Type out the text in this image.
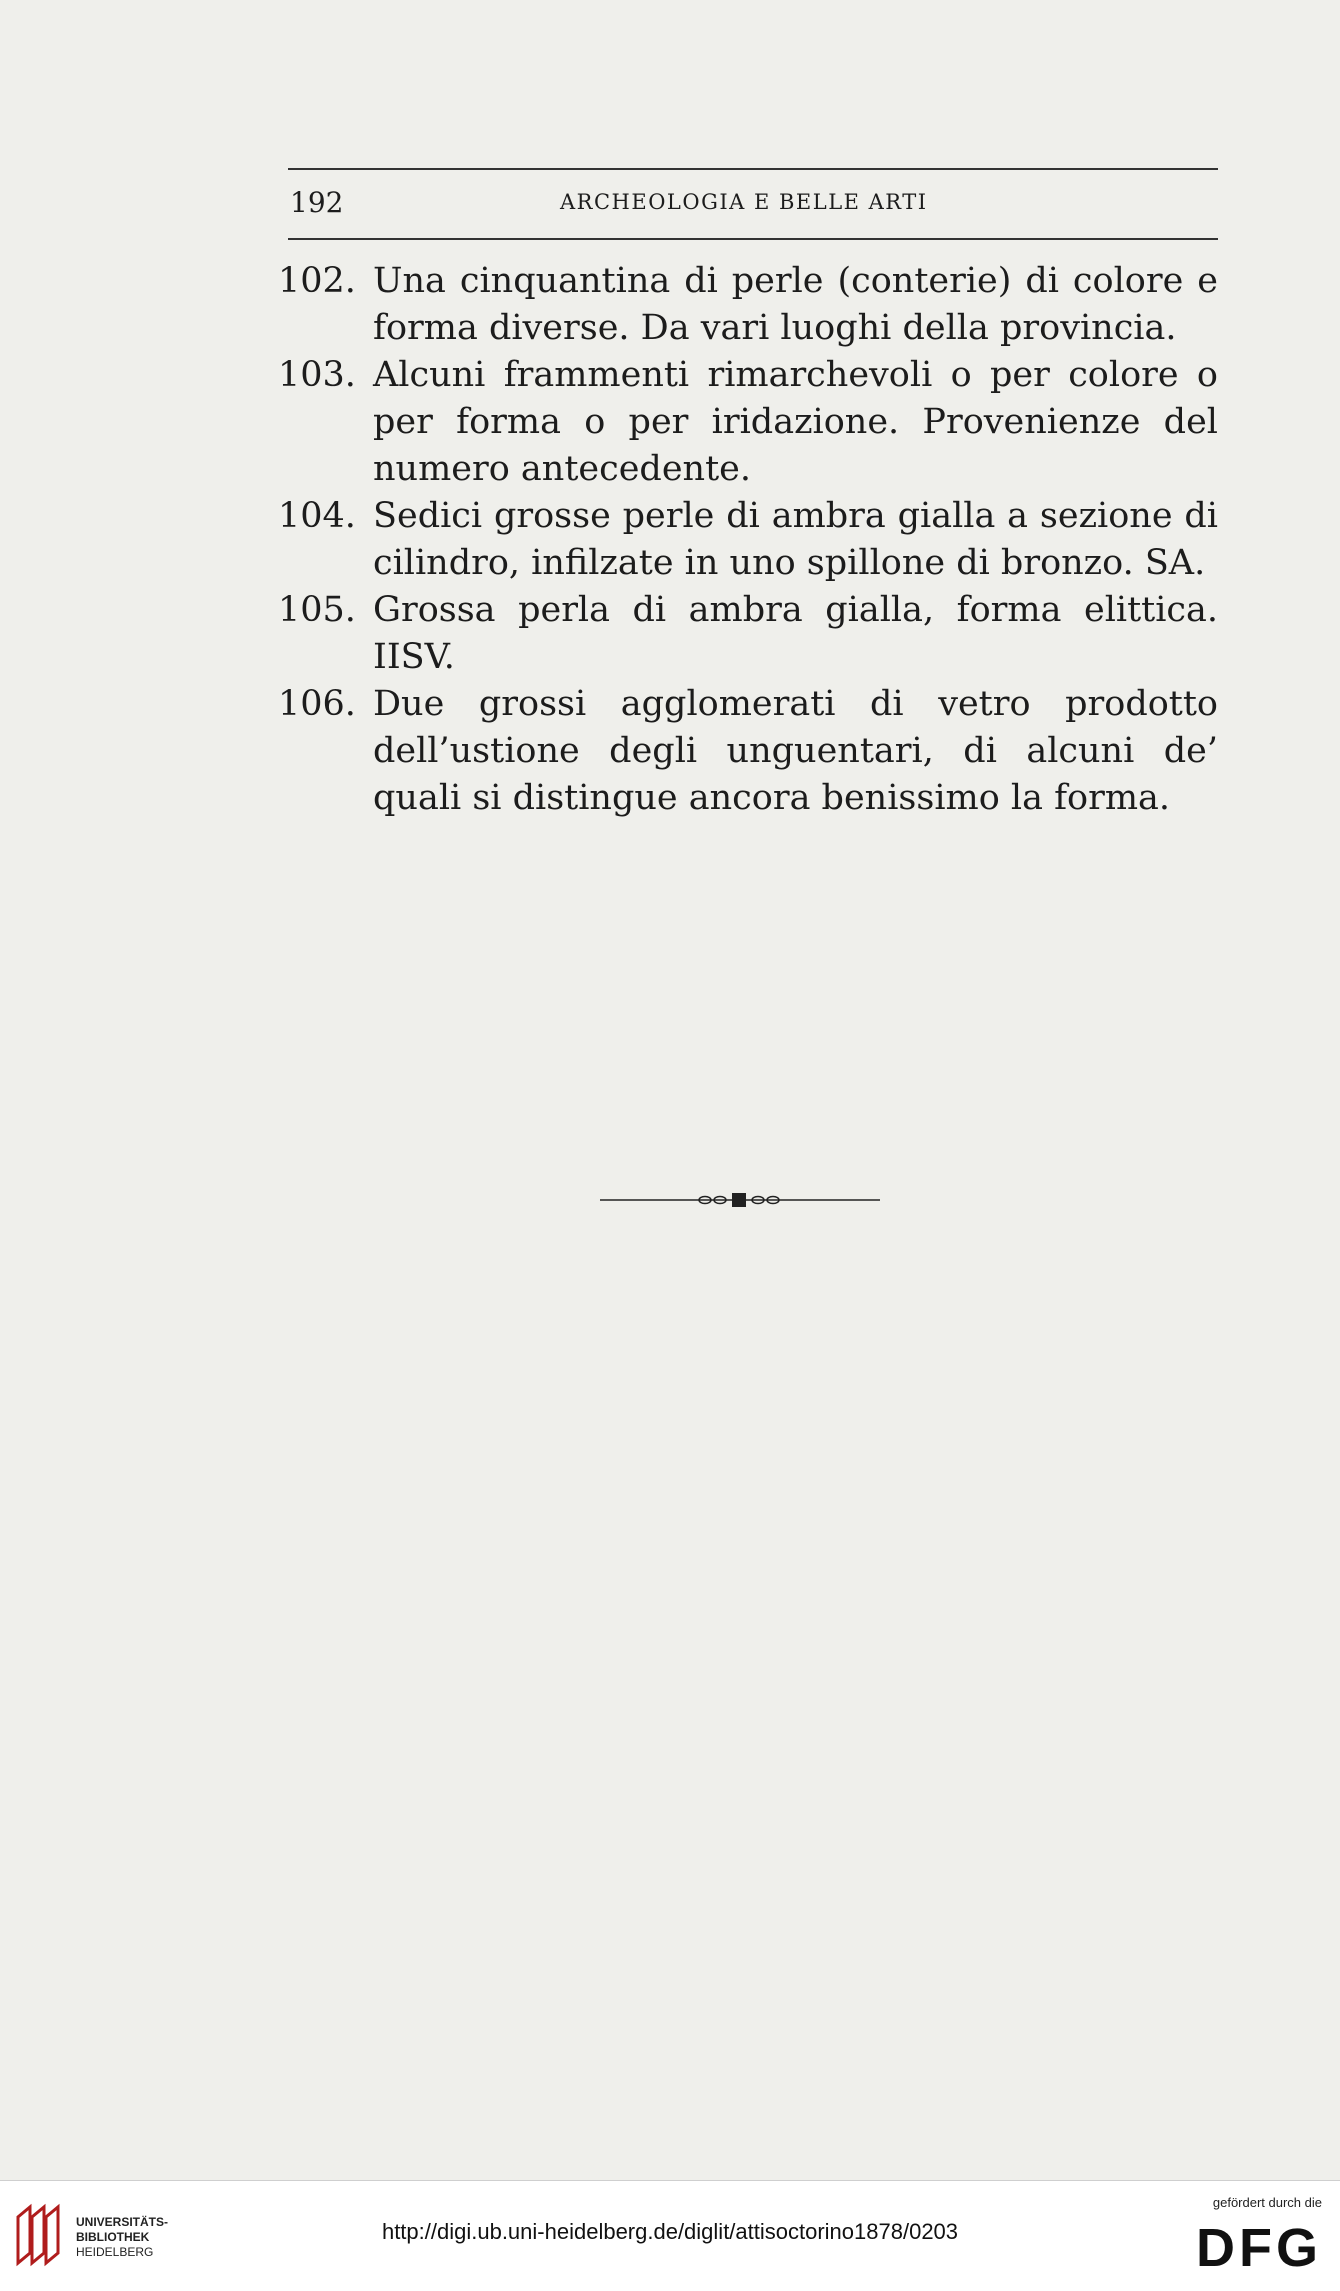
192	ARCHEOLOGIA E BELLE ARTI
102. Una cinquantina di perle (conterie) di colore e forma diverse. Da vari luoghi della provincia.
103. Alcuni frammenti rimarchevoli o per colore o per forma o per iridazione. Provenienze del numero antecedente.
104. Sedici grosse perle di ambra gialla a sezione di cilindro, infilzate in uno spillone di bronzo. SA.
105. Grossa perla di ambra gialla, forma elittica. IISV.
106. Due grossi agglomerati di vetro prodotto dell’ustione degli unguentari, di alcuni de’ quali si distingue ancora benissimo la forma.
UNIVERSITÄTS-
BIBLIOTHEK
HEIDELBERG
http://digi.ub.uni-heidelberg.de/diglit/attisoctorino1878/0203
gefördert durch die
DFG
